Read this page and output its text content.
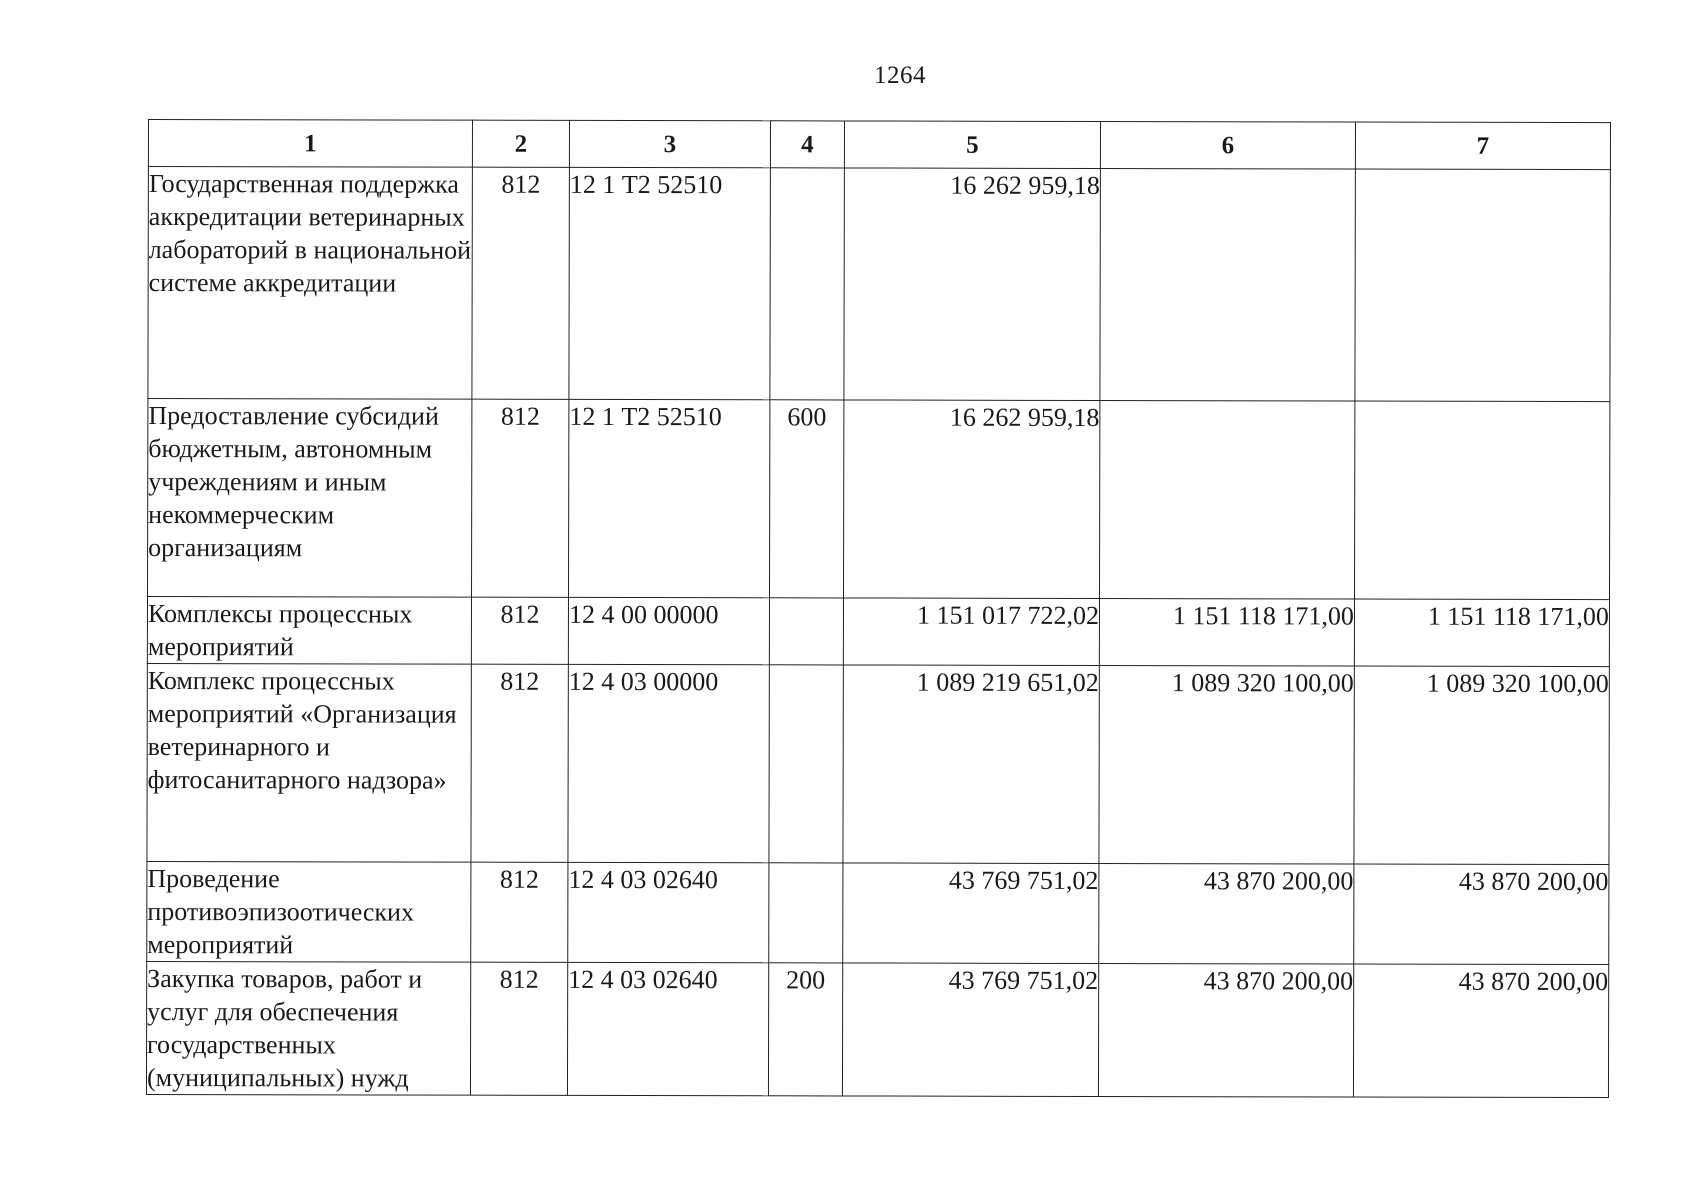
1264
1	2	3	4	5	6	7
Государственная поддержка аккредитации ветеринарных лабораторий в национальной системе аккредитации	812	12 1 Т2 52510		16 262 959,18		
Предоставление субсидий бюджетным, автономным учреждениям и иным некоммерческим организациям	812	12 1 Т2 52510	600	16 262 959,18		
Комплексы процессных мероприятий	812	12 4 00 00000		1 151 017 722,02	1 151 118 171,00	1 151 118 171,00
Комплекс процессных мероприятий «Организация ветеринарного и фитосанитарного надзора»	812	12 4 03 00000		1 089 219 651,02	1 089 320 100,00	1 089 320 100,00
Проведение противоэпизоотических мероприятий	812	12 4 03 02640		43 769 751,02	43 870 200,00	43 870 200,00
Закупка товаров, работ и услуг для обеспечения государственных (муниципальных) нужд	812	12 4 03 02640	200	43 769 751,02	43 870 200,00	43 870 200,00
